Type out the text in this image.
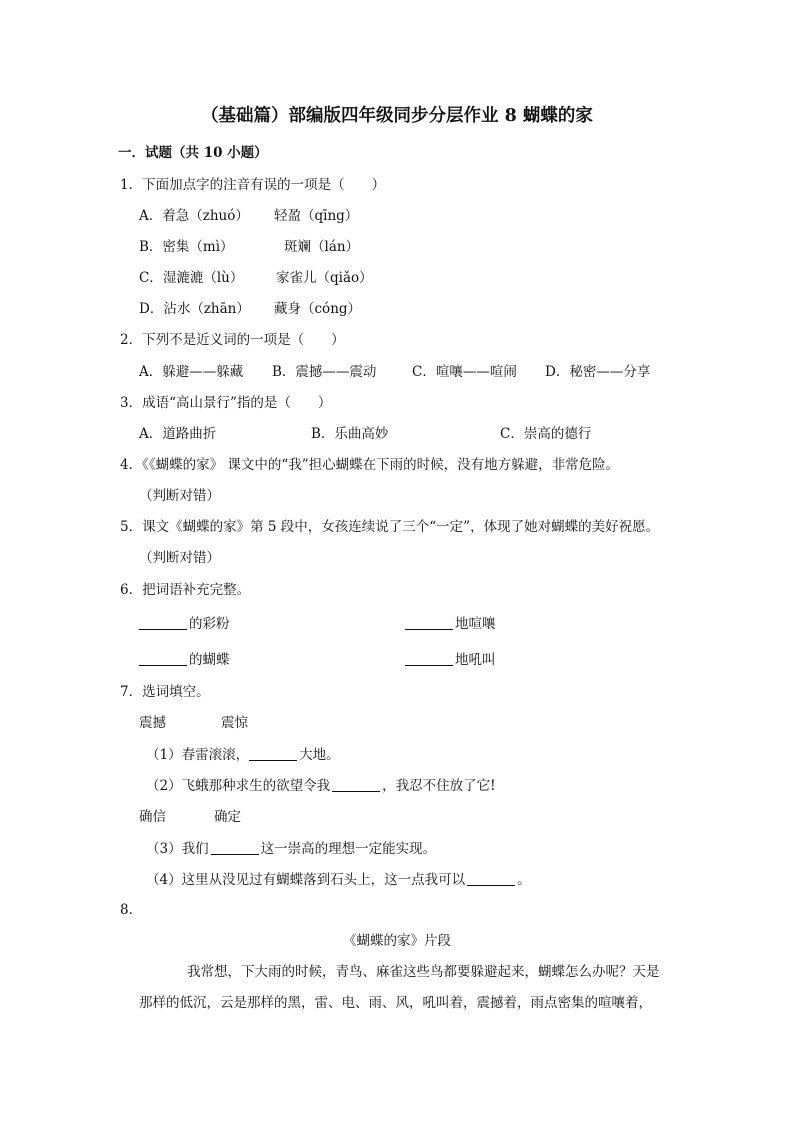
（基础篇）部编版四年级同步分层作业 8 蝴蝶的家
一．试题（共 10 小题）
1．下面加点字的注音有误的一项是（　　）
A．着急（zhuó） 轻盈（qīng）
B．密集（mì）	斑斓（lán）
C．湿漉漉（lù） 家雀儿（qiǎo）
D．沾水（zhān） 藏身（cóng）
2．下列不是近义词的一项是（　　）
A．躲避——躲藏 B．震撼——震动	C．喧嚷——喧闹 D．秘密——分享
3．成语“高山景行”指的是（　　）
A．道路曲折	B．乐曲高妙	C．崇高的德行
4．《《蝴蝶的家》 课文中的“我”担心蝴蝶在下雨的时候，没有地方躲避，非常危险。
（判断对错）
5．课文《蝴蝶的家》第 5 段中，女孩连续说了三个“一定”，体现了她对蝴蝶的美好祝愿。
（判断对错）
6．把词语补充完整。
的彩粉	地喧嚷
的蝴蝶	地吼叫
7．选词填空。
震撼	震惊
（1）春雷滚滚，	大地。
（2）飞蛾那种求生的欲望令我	，我忍不住放了它!
确信	确定
（3）我们	这一崇高的理想一定能实现。
（4）这里从没见过有蝴蝶落到石头上，这一点我可以	。
8．
《蝴蝶的家》片段
我常想，下大雨的时候，青鸟、麻雀这些鸟都要躲避起来，蝴蝶怎么办呢？天是
那样的低沉，云是那样的黑，雷、电、雨、风，吼叫着，震撼着，雨点密集的喧嚷着，
